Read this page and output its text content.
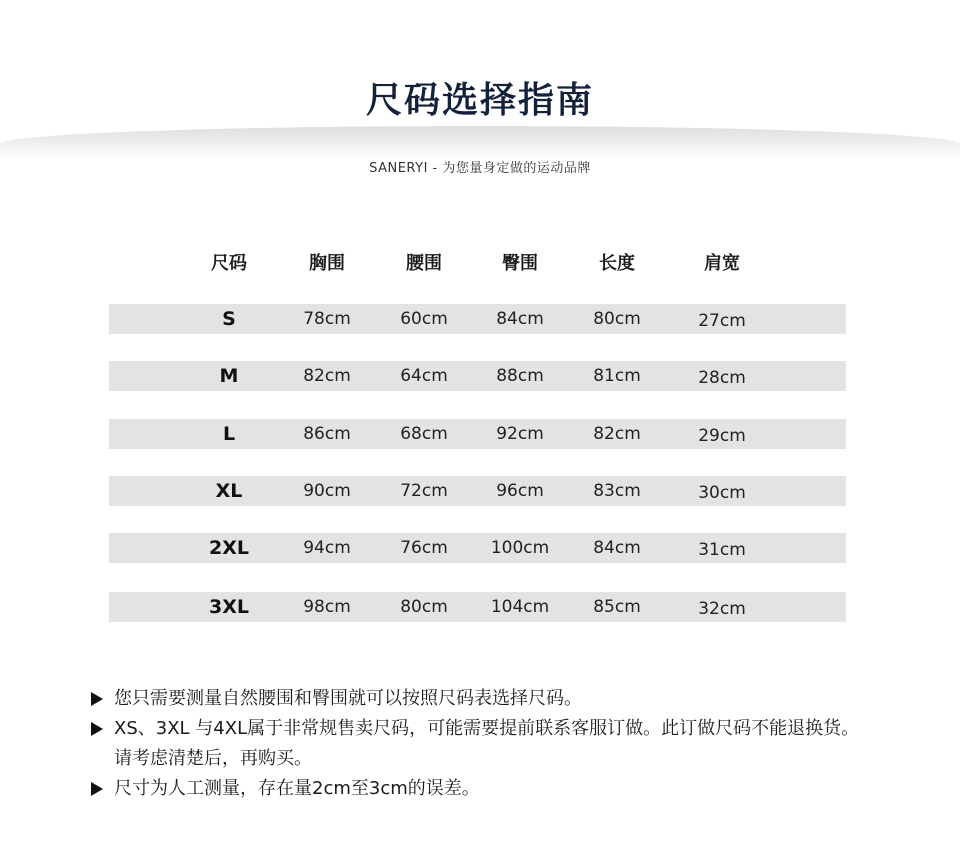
尺码选择指南
SANERYI - 为您量身定做的运动品牌
尺码	胸围	腰围	臀围	长度	肩宽
S	78cm	60cm	84cm	80cm	27cm
M	82cm	64cm	88cm	81cm	28cm
L	86cm	68cm	92cm	82cm	29cm
XL	90cm	72cm	96cm	83cm	30cm
2XL	94cm	76cm	100cm	84cm	31cm
3XL	98cm	80cm	104cm	85cm	32cm
您只需要测量自然腰围和臀围就可以按照尺码表选择尺码。
XS、3XL 与4XL属于非常规售卖尺码，可能需要提前联系客服订做。此订做尺码不能退换货。
请考虑清楚后，再购买。
尺寸为人工测量，存在量2cm至3cm的误差。
